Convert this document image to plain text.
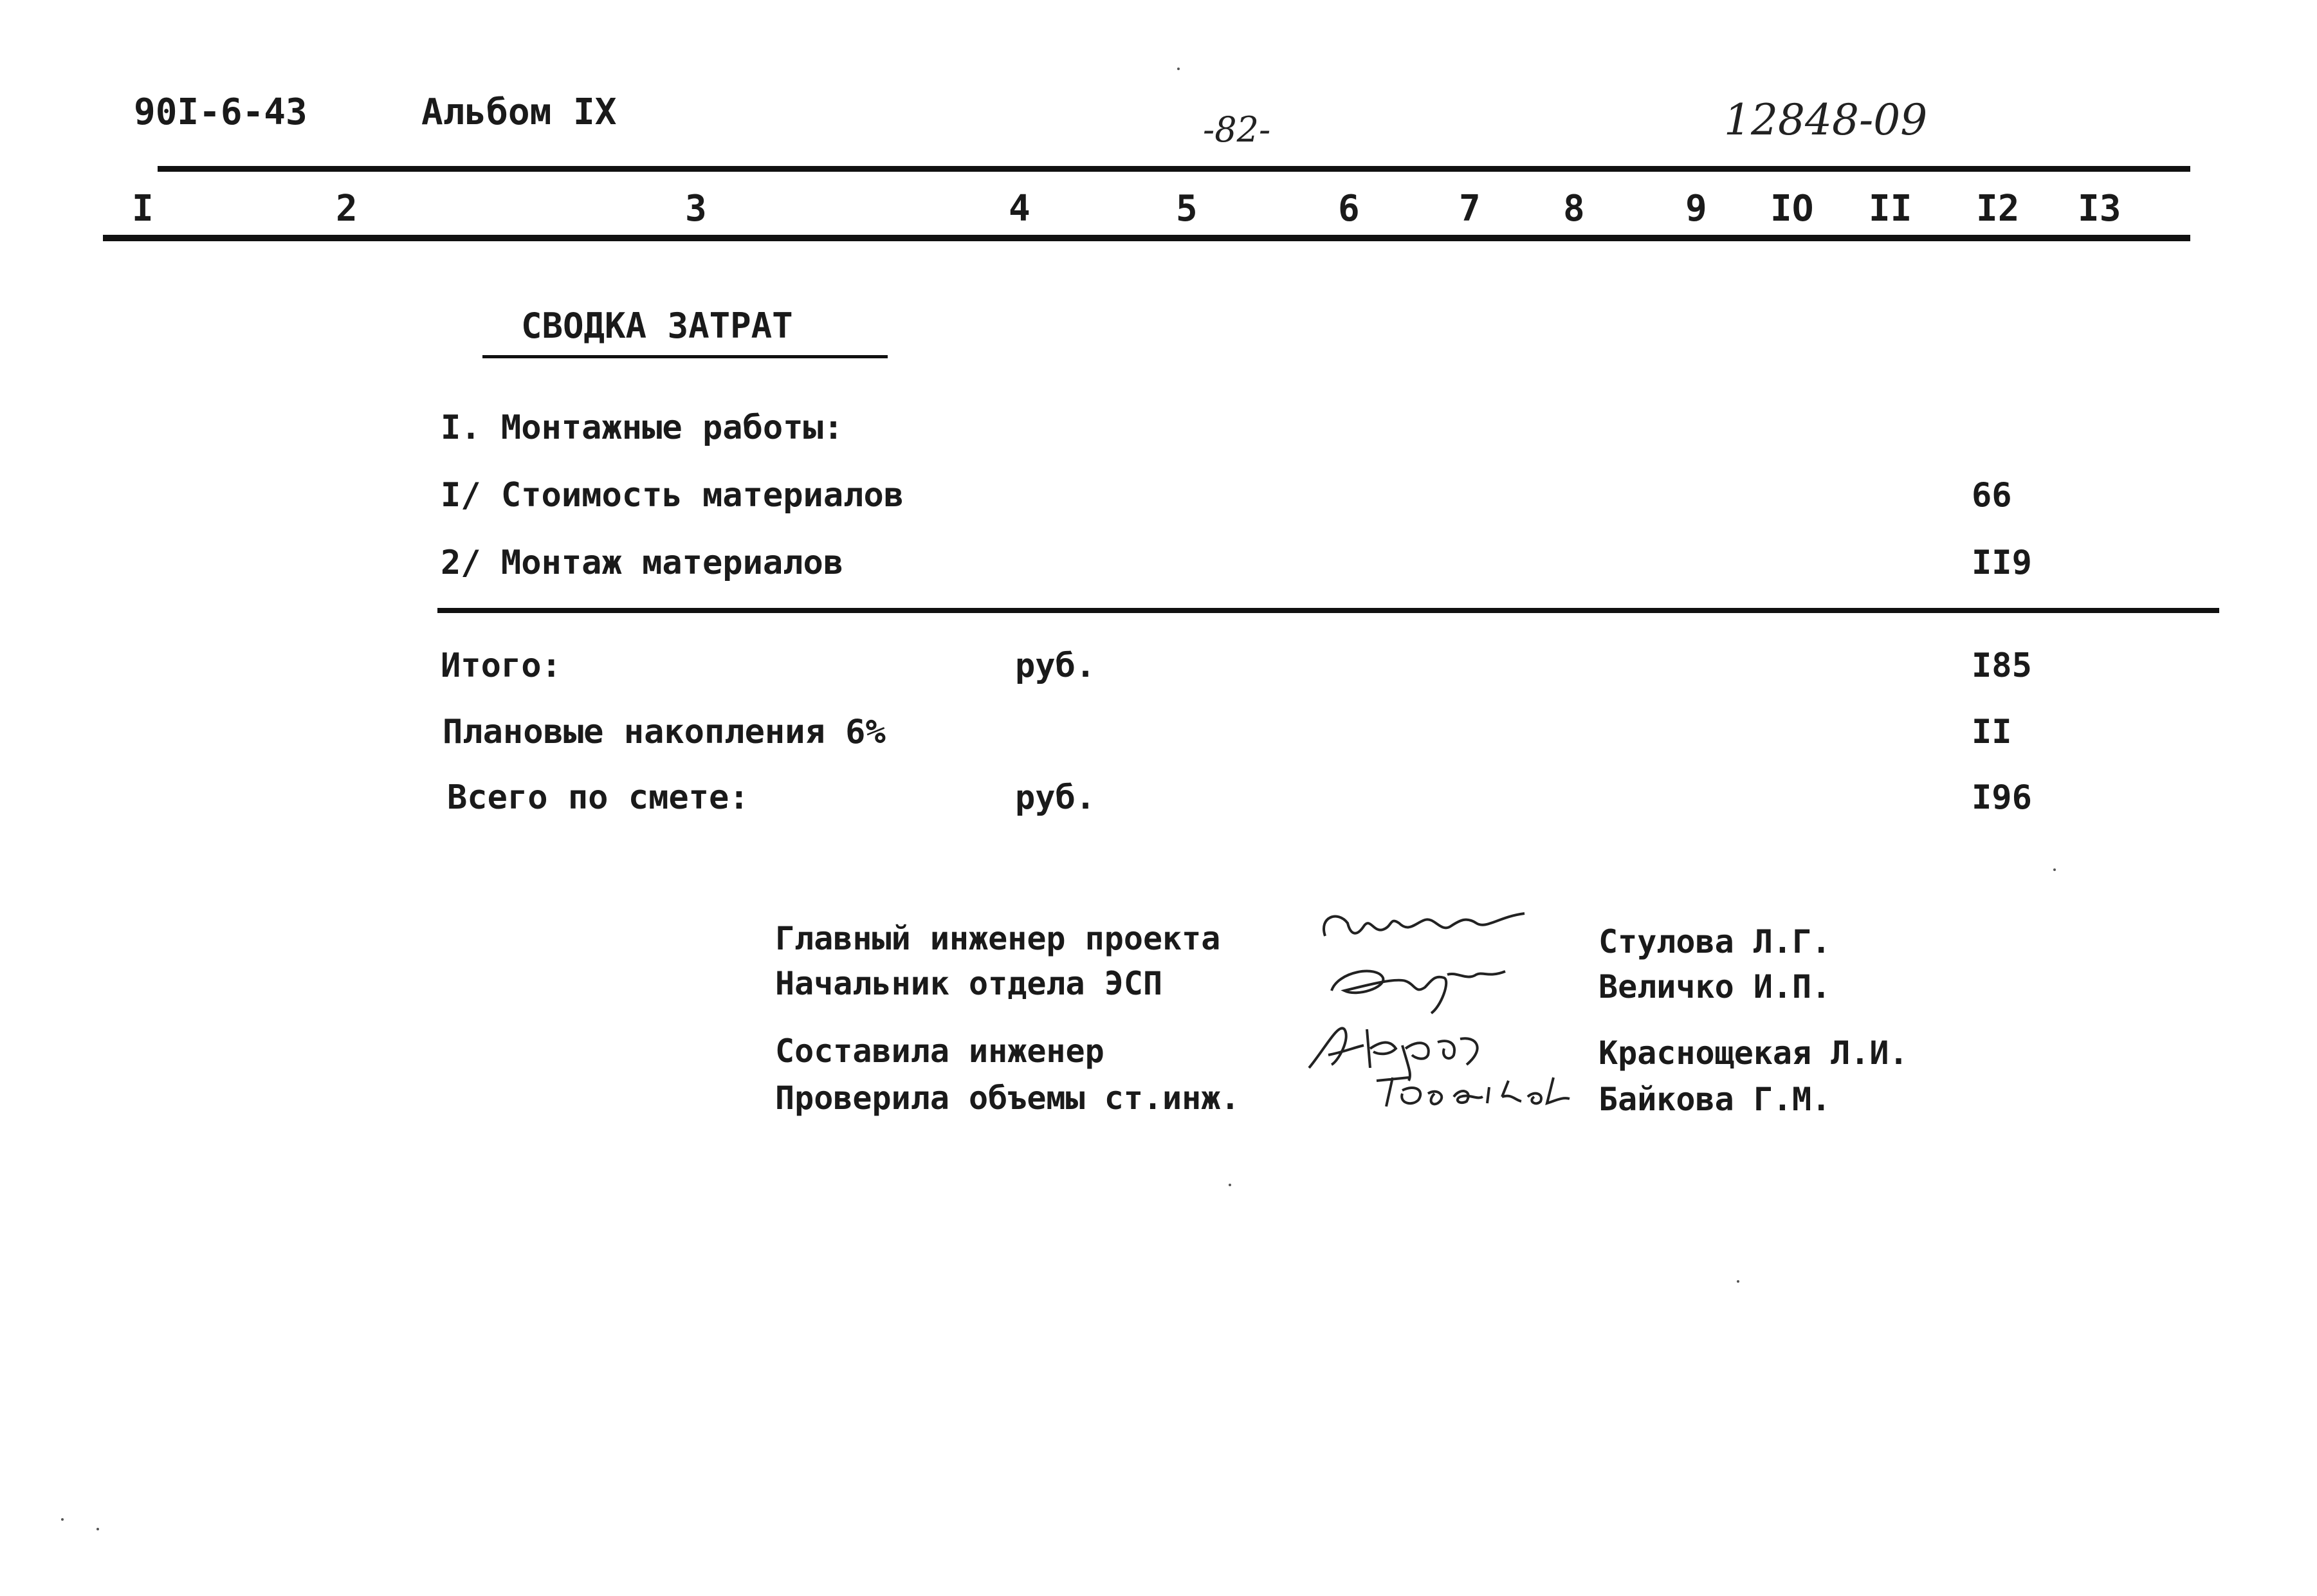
90I-6-43	Альбом IX	-82-	12848-09
I	2	3	4	5	6	7 8	9 IO II I2 I3
СВОДКА ЗАТРАТ
I. Монтажные работы:
I/ Стоимость материалов	66
2/ Монтаж материалов	II9
Итого:	руб.	I85
Плановые накопления 6%	II
Всего по смете:	руб.	I96
Главный инженер проекта	Стулова Л.Г.
Начальник отдела ЭСП	Величко И.П.
Составила инженер	Краснощекая Л.И.
Проверила объемы ст.инж.	Байкова Г.М.
